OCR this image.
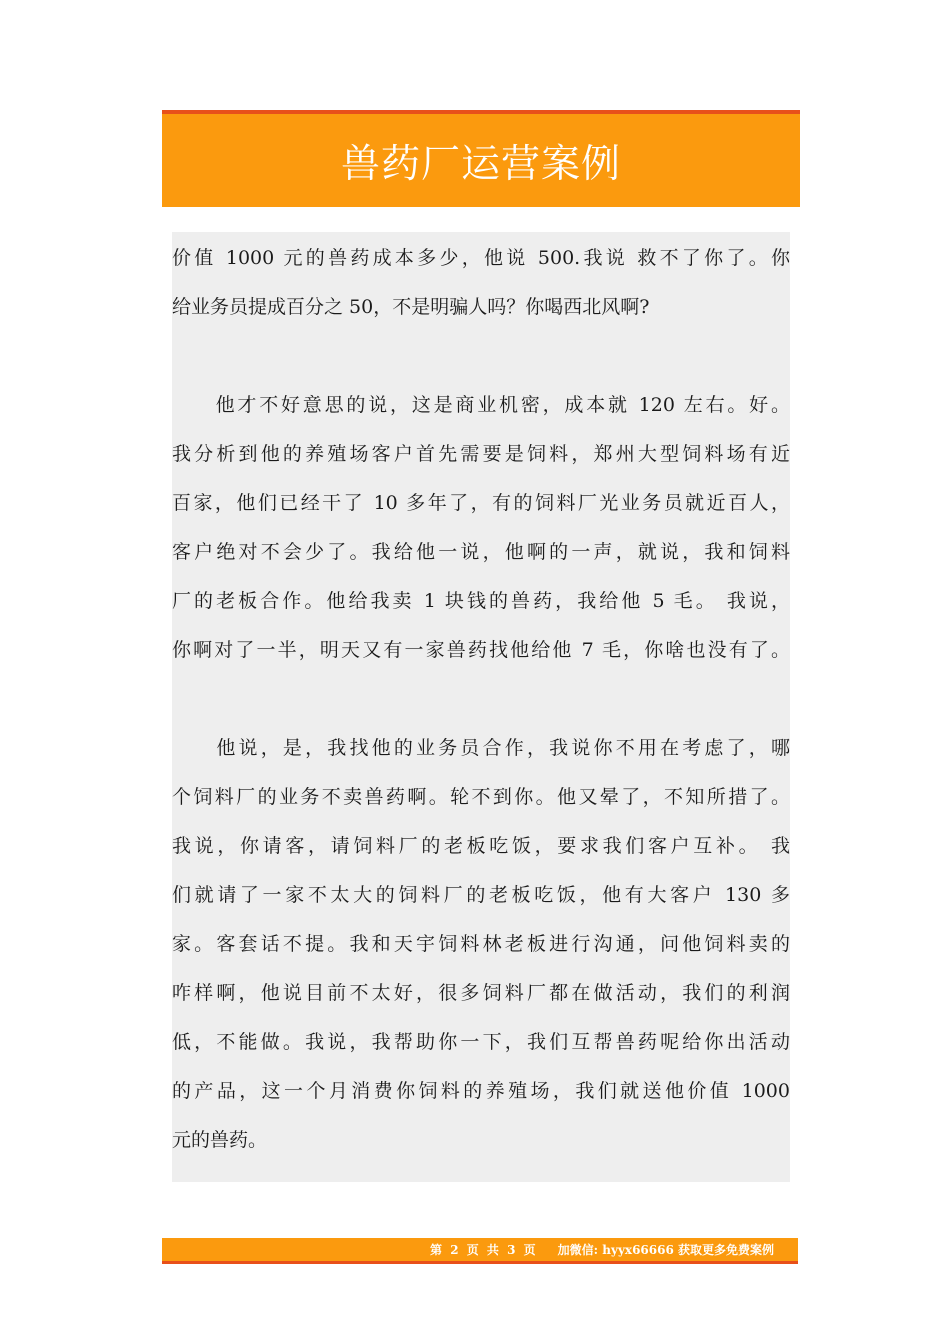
兽药厂运营案例
价值 1000 元的兽药成本多少，他说 500.我说 救不了你了。你
给业务员提成百分之 50，不是明骗人吗？你喝西北风啊?
　　他才不好意思的说，这是商业机密，成本就 120 左右。好。
我分析到他的养殖场客户首先需要是饲料，郑州大型饲料场有近
百家，他们已经干了 10 多年了，有的饲料厂光业务员就近百人，
客户绝对不会少了。我给他一说，他啊的一声，就说，我和饲料
厂的老板合作。他给我卖 1 块钱的兽药，我给他 5 毛。 我说，
你啊对了一半，明天又有一家兽药找他给他 7 毛，你啥也没有了。
　　他说，是，我找他的业务员合作，我说你不用在考虑了，哪
个饲料厂的业务不卖兽药啊。轮不到你。他又晕了，不知所措了。
我说，你请客，请饲料厂的老板吃饭，要求我们客户互补。 我
们就请了一家不太大的饲料厂的老板吃饭，他有大客户 130 多
家。客套话不提。我和天宇饲料林老板进行沟通，问他饲料卖的
咋样啊，他说目前不太好，很多饲料厂都在做活动，我们的利润
低，不能做。我说，我帮助你一下，我们互帮兽药呢给你出活动
的产品，这一个月消费你饲料的养殖场，我们就送他价值 1000
元的兽药。
第 2 页 共 3 页 加微信: hyyx66666 获取更多免费案例
